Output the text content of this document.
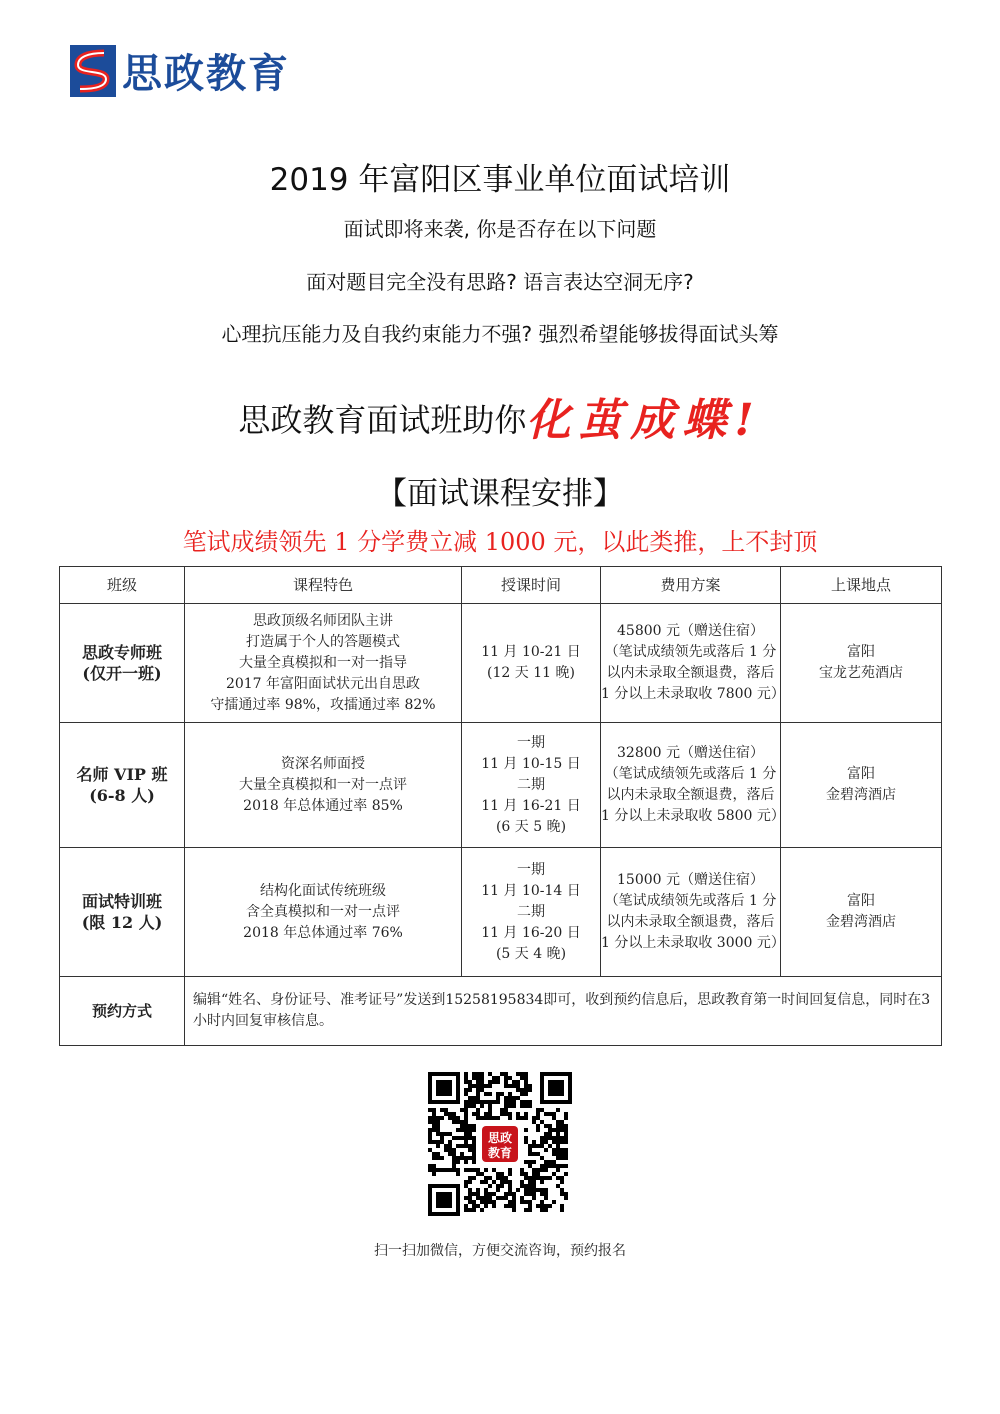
思政教育
2019 年富阳区事业单位面试培训
面试即将来袭, 你是否存在以下问题
面对题目完全没有思路? 语言表达空洞无序?
心理抗压能力及自我约束能力不强? 强烈希望能够拔得面试头筹
思政教育面试班助你化茧成蝶!
【面试课程安排】
笔试成绩领先 1 分学费立减 1000 元，以此类推，上不封顶
班级	课程特色	授课时间	费用方案	上课地点

思政专师班
(仅开一班)	思政顶级名师团队主讲
打造属于个人的答题模式
大量全真模拟和一对一指导
2017 年富阳面试状元出自思政
守擂通过率 98%，攻擂通过率 82%	11 月 10-21 日
(12 天 11 晚)	45800 元（赠送住宿）
（笔试成绩领先或落后 1 分
以内未录取全额退费，落后
1 分以上未录取收 7800 元）	富阳
宝龙艺苑酒店

名师 VIP 班
(6-8 人)	资深名师面授
大量全真模拟和一对一点评
2018 年总体通过率 85%	一期
11 月 10-15 日
二期
11 月 16-21 日
(6 天 5 晚)	32800 元（赠送住宿）
（笔试成绩领先或落后 1 分
以内未录取全额退费，落后
1 分以上未录取收 5800 元）	富阳
金碧湾酒店

面试特训班
(限 12 人)	结构化面试传统班级
含全真模拟和一对一点评
2018 年总体通过率 76%	一期
11 月 10-14 日
二期
11 月 16-20 日
(5 天 4 晚)	15000 元（赠送住宿）
（笔试成绩领先或落后 1 分
以内未录取全额退费，落后
1 分以上未录取收 3000 元）	富阳
金碧湾酒店

预约方式	编辑“姓名、身份证号、准考证号”发送到15258195834即可，收到预约信息后，思政教育第一时间回复信息，同时在3小时内回复审核信息。			
思政
教育
扫一扫加微信，方便交流咨询，预约报名
